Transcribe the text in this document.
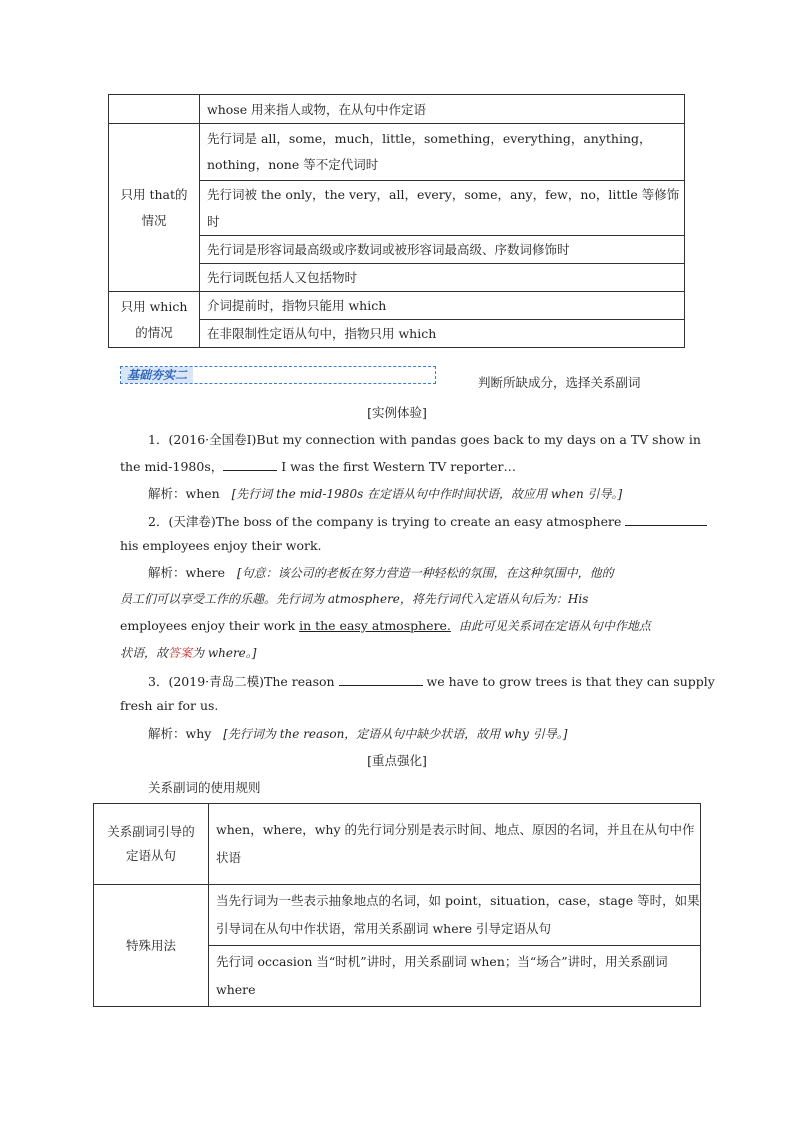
	whose 用来指人或物，在从句中作定语
只用 that的情况	先行词是 all，some，much，little，something，everything，anything，nothing，none 等不定代词时
	先行词被 the only，the very，all，every，some，any，few，no，little 等修饰时
	先行词是形容词最高级或序数词或被形容词最高级、序数词修饰时
	先行词既包括人又包括物时
只用 which的情况	介词提前时，指物只能用 which
	在非限制性定语从句中，指物只用 which
基础夯实二	判断所缺成分，选择关系副词
[实例体验]
1．(2016·全国卷Ⅰ)But my connection with pandas goes back to my days on a TV show in
the mid-1980s，	I was the first Western TV reporter…
解析：when [先行词 the mid-1980s 在定语从句中作时间状语，故应用 when 引导。]
2．(天津卷)The boss of the company is trying to create an easy atmosphere
his employees enjoy their work.
解析：where [句意：该公司的老板在努力营造一种轻松的氛围，在这种氛围中，他的
员工们可以享受工作的乐趣。先行词为 atmosphere，将先行词代入定语从句后为：His
employees enjoy their work in the easy atmosphere. 由此可见关系词在定语从句中作地点
状语，故答案为 where。]
3．(2019·青岛二模)The reason	we have to grow trees is that they can supply
fresh air for us.
解析：why [先行词为 the reason，定语从句中缺少状语，故用 why 引导。]
[重点强化]
关系副词的使用规则
关系副词引导的定语从句	when，where，why 的先行词分别是表示时间、地点、原因的名词，并且在从句中作状语
特殊用法	当先行词为一些表示抽象地点的名词，如 point，situation，case，stage 等时，如果引导词在从句中作状语，常用关系副词 where 引导定语从句
	先行词 occasion 当“时机”讲时，用关系副词 when；当“场合”讲时，用关系副词 where
